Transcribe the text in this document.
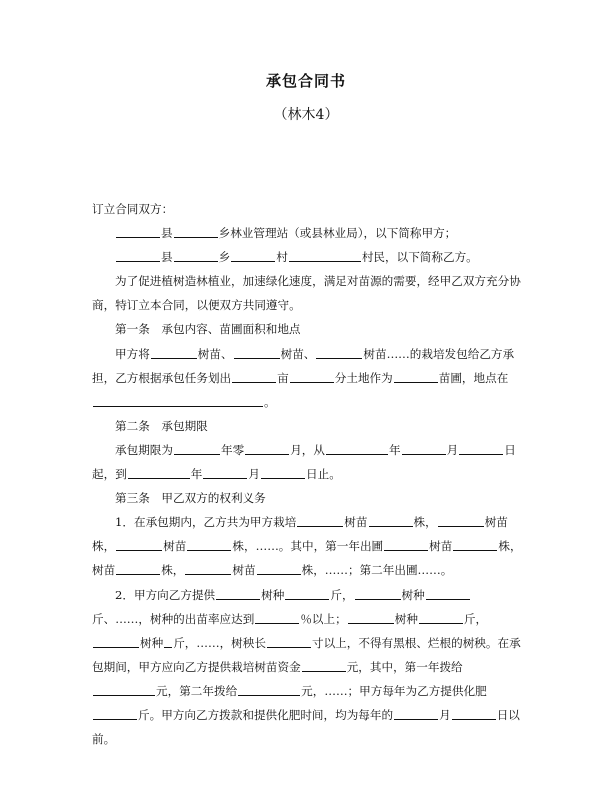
承包合同书
（林木4）

订立合同双方：

县	乡林业管理站（或县林业局），以下简称甲方；

县	乡	村	村民，以下简称乙方。

为了促进植树造林植业，加速绿化速度，满足对苗源的需要，经甲乙双方充分协商，特订立本合同，以便双方共同遵守。

第一条　承包内容、苗圃面积和地点

甲方将	树苗、	树苗、	树苗……的栽培发包给乙方承担，乙方根据承包任务划出	亩	分土地作为	苗圃，地点在。

第二条　承包期限

承包期限为	年零	月，从	年	月	日起，到	年	月	日止。

第三条　甲乙双方的权利义务

1．在承包期内，乙方共为甲方栽培	树苗	株，	树苗株，	树苗	株，……。其中，第一年出圃	树苗	株，树苗	株，	树苗	株，……；第二年出圃……。

2．甲方向乙方提供	树种	斤，	树种斤、……，树种的出苗率应达到	％以上；	树种	斤，树种 斤，……，树秧长	寸以上，不得有黑根、烂根的树秧。在承包期间，甲方应向乙方提供栽培树苗资金	元，其中，第一年拨给元，第二年拨给	元，……；甲方每年为乙方提供化肥斤。甲方向乙方拨款和提供化肥时间，均为每年的	月	日以前。
